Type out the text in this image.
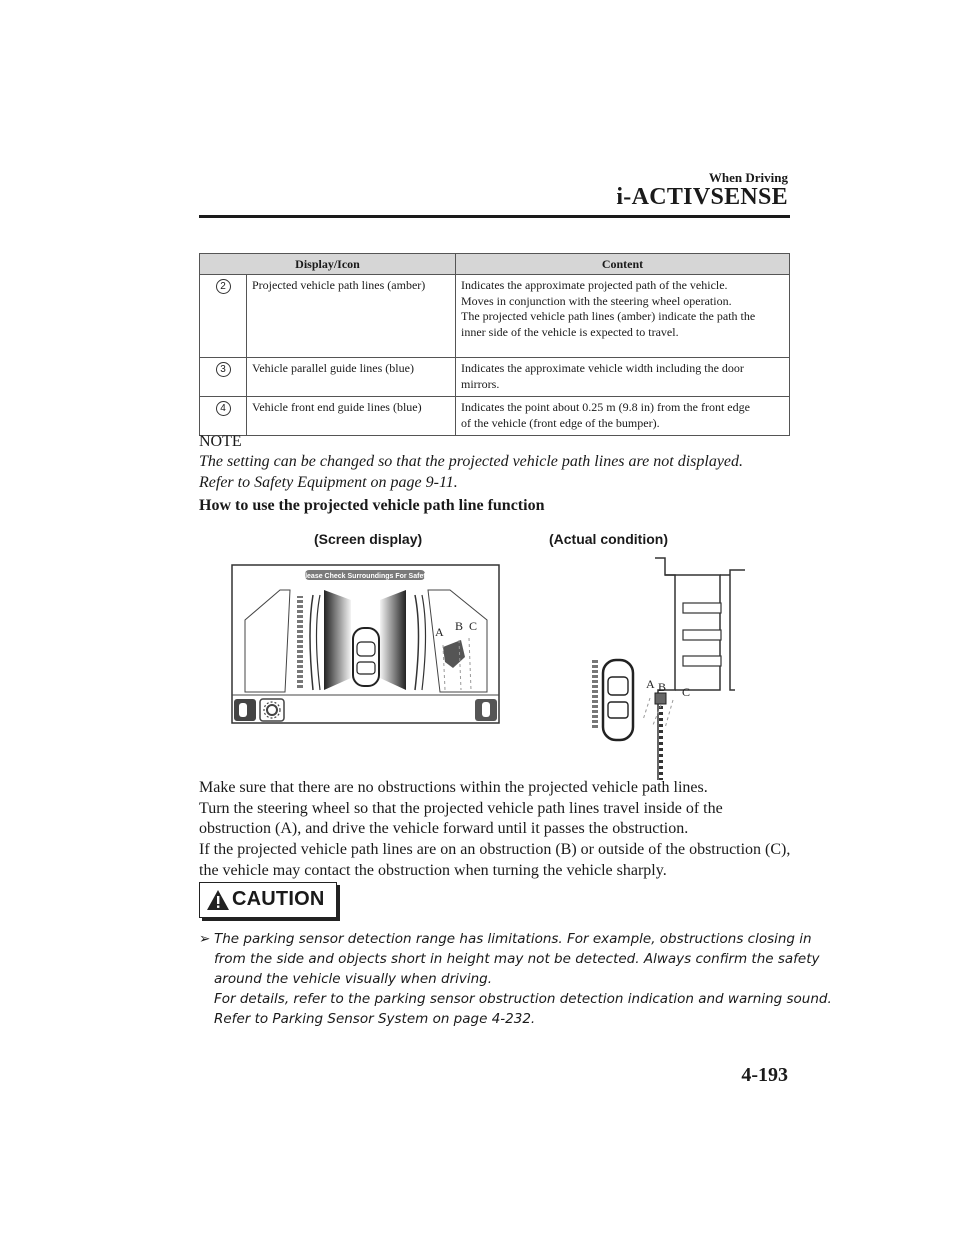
When Driving
i-ACTIVSENSE
Display/Icon		Content
2	Projected vehicle path lines (amber)	Indicates the approximate projected path of the vehicle.
Moves in conjunction with the steering wheel operation.
The projected vehicle path lines (amber) indicate the path the
inner side of the vehicle is expected to travel.

3	Vehicle parallel guide lines (blue)	Indicates the approximate vehicle width including the door
mirrors.

4	Vehicle front end guide lines (blue)	Indicates the point about 0.25 m (9.8 in) from the front edge
of the vehicle (front edge of the bumper).
NOTE
The setting can be changed so that the projected vehicle path lines are not displayed.
Refer to Safety Equipment on page 9-11.
How to use the projected vehicle path line function
(Screen display)	(Actual condition)
Please Check Surroundings For Safety
A B C
A B C
Make sure that there are no obstructions within the projected vehicle path lines.
Turn the steering wheel so that the projected vehicle path lines travel inside of the
obstruction (A), and drive the vehicle forward until it passes the obstruction.
If the projected vehicle path lines are on an obstruction (B) or outside of the obstruction (C),
the vehicle may contact the obstruction when turning the vehicle sharply.
CAUTION
➢ The parking sensor detection range has limitations. For example, obstructions closing in
from the side and objects short in height may not be detected. Always confirm the safety
around the vehicle visually when driving.
For details, refer to the parking sensor obstruction detection indication and warning sound.
Refer to Parking Sensor System on page 4-232.
4-193
